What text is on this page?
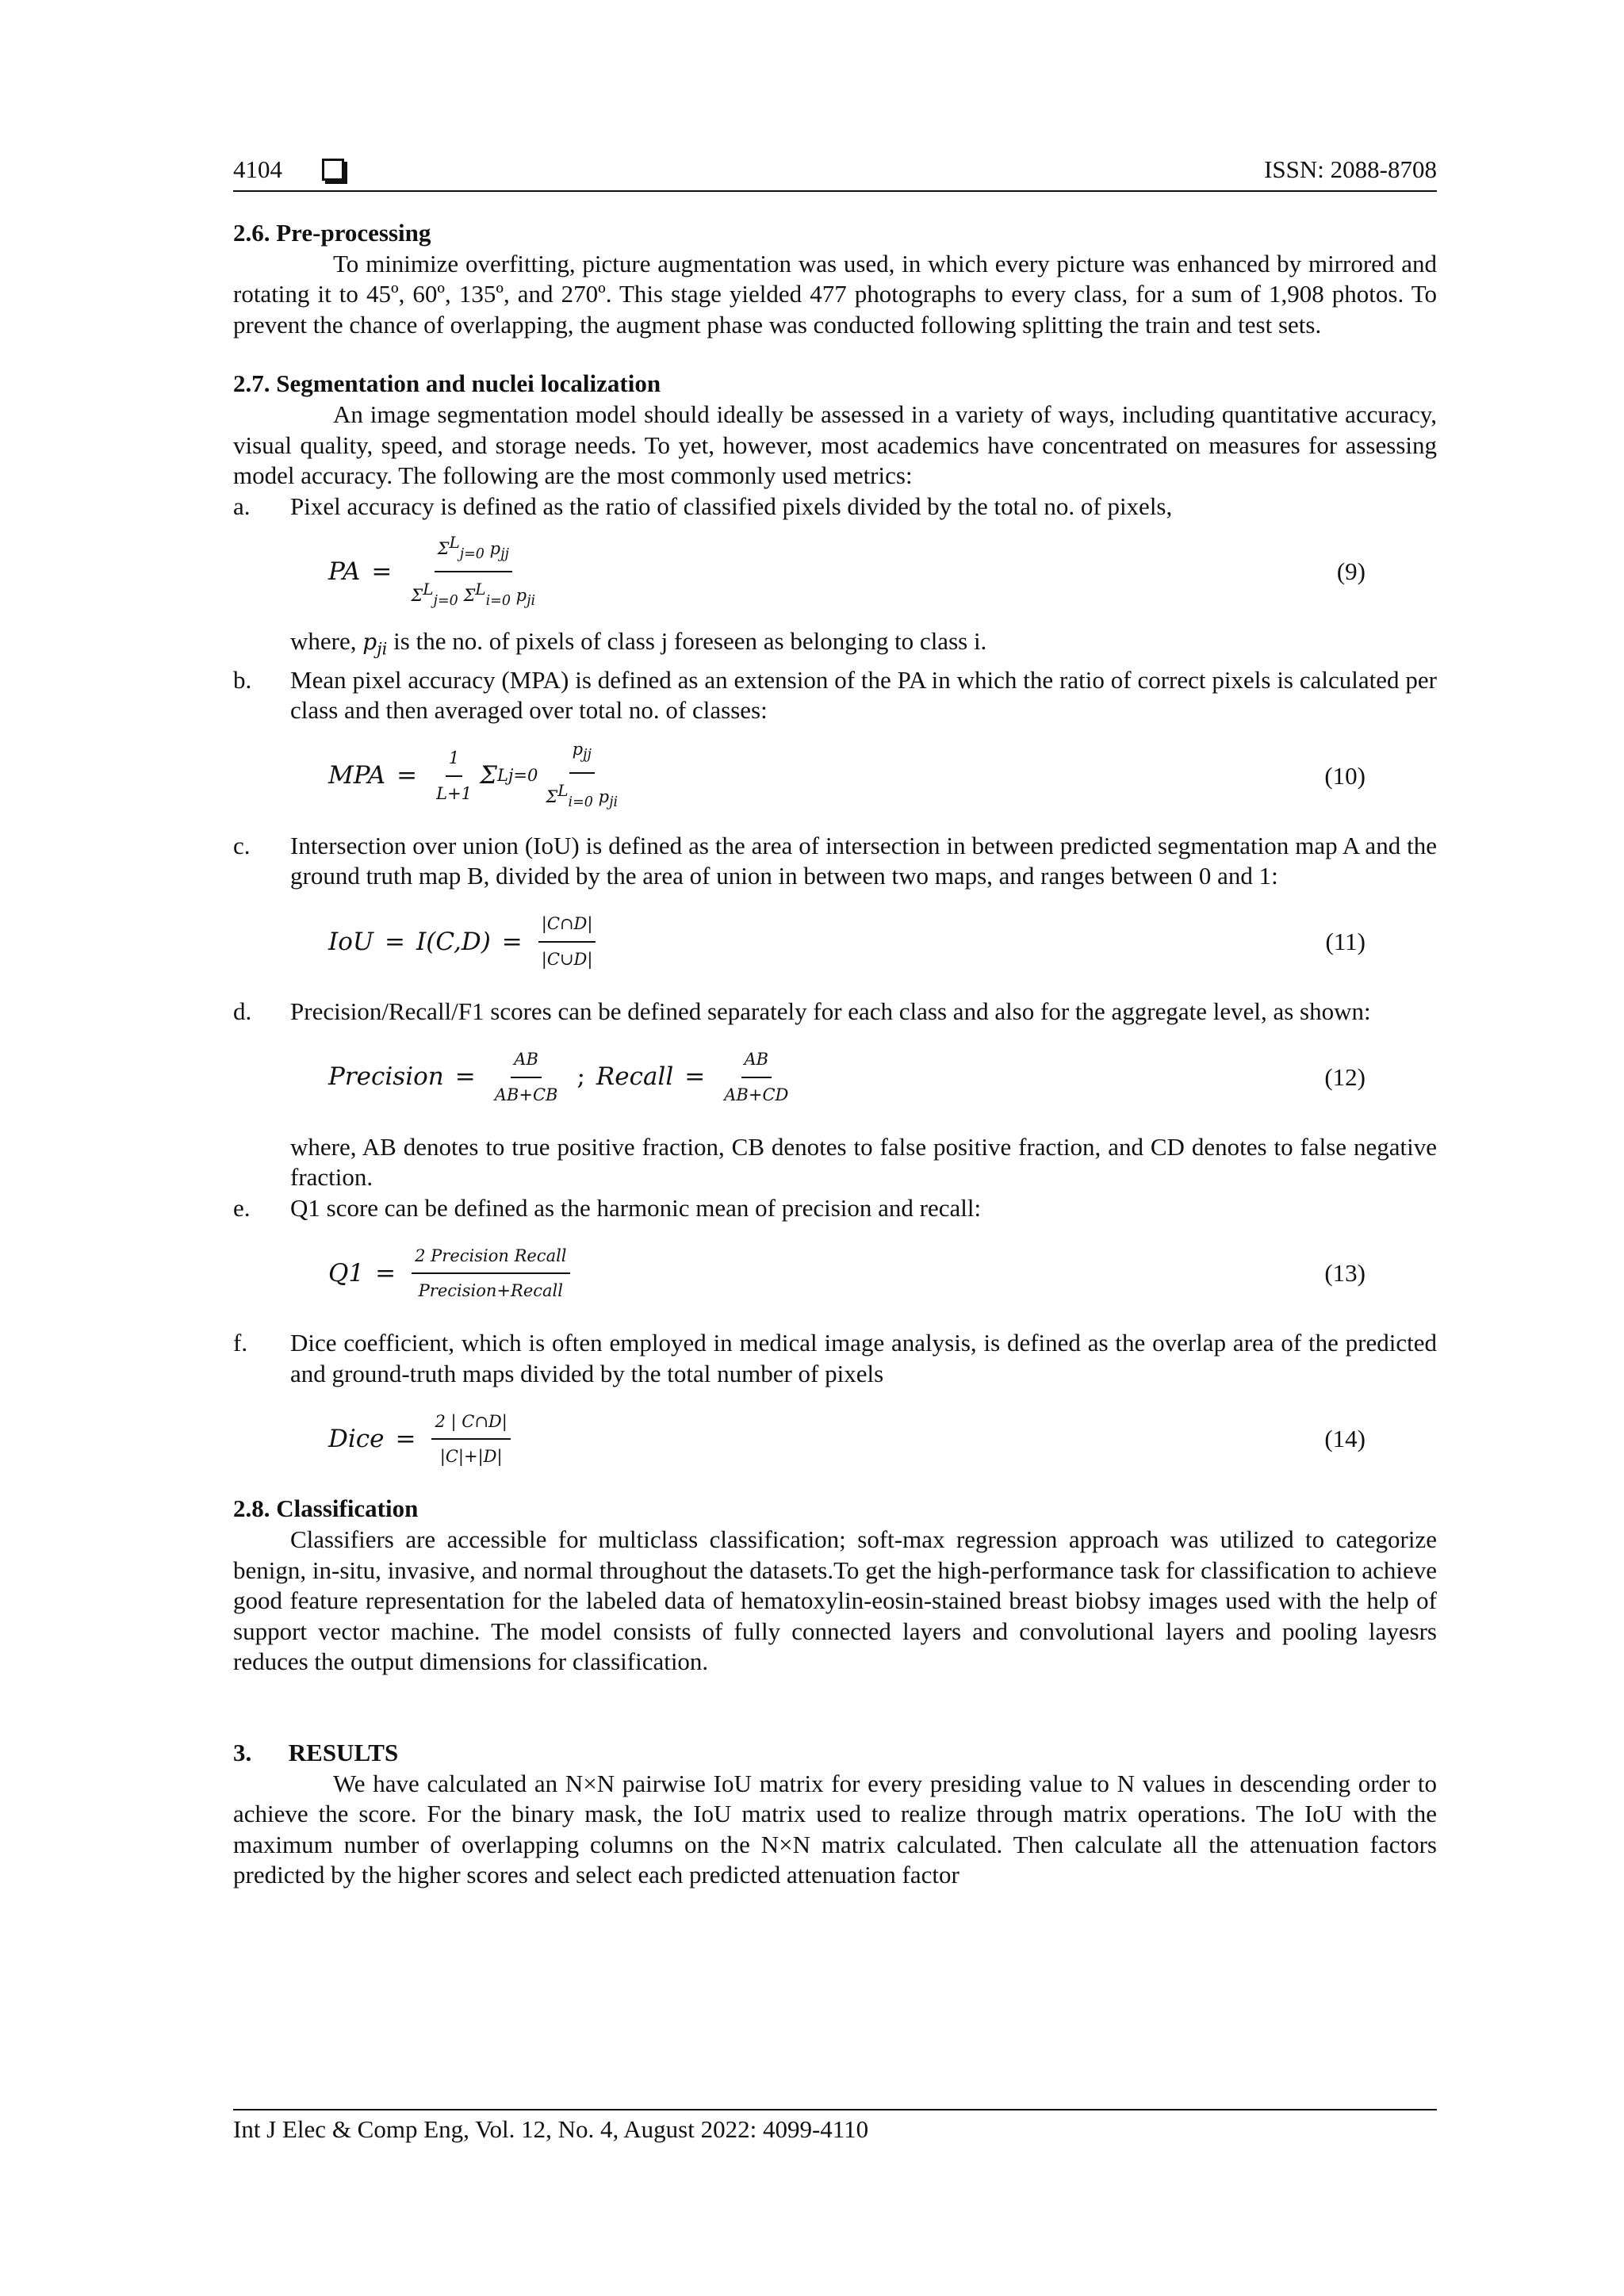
4104	ISSN: 2088-8708

2.6. Pre-processing

To minimize overfitting, picture augmentation was used, in which every picture was enhanced by mirrored and rotating it to 45º, 60º, 135º, and 270º. This stage yielded 477 photographs to every class, for a sum of 1,908 photos. To prevent the chance of overlapping, the augment phase was conducted following splitting the train and test sets.

2.7. Segmentation and nuclei localization

An image segmentation model should ideally be assessed in a variety of ways, including quantitative accuracy, visual quality, speed, and storage needs. To yet, however, most academics have concentrated on measures for assessing model accuracy. The following are the most commonly used metrics:

a. Pixel accuracy is defined as the ratio of classified pixels divided by the total no. of pixels,
PA = $\frac{\Sigma^L_{j=0} p_{jj}}{\Sigma^L_{j=0} \Sigma^L_{i=0} p_{ji}}$	(9)
where, $p_{ji}$ is the no. of pixels of class j foreseen as belonging to class i.
b. Mean pixel accuracy (MPA) is defined as an extension of the PA in which the ratio of correct pixels is calculated per class and then averaged over total no. of classes:
MPA = $\frac{1}{L+1}$ Σ L $j=0 \frac{p_{jj}}{\Sigma^L_{i=0} p_{ji}}$	(10)
c. Intersection over union (IoU) is defined as the area of intersection in between predicted segmentation map A and the ground truth map B, divided by the area of union in between two maps, and ranges between 0 and 1:
IoU = $I(C,D) = \frac{|C\cap D|}{|C\cup D|}$	(11)
d. Precision/Recall/F1 scores can be defined separately for each class and also for the aggregate level, as shown:
Precision = $\frac{AB}{AB+CB}$ ; Recall = $\frac{AB}{AB+CD}$	(12)
where, AB denotes to true positive fraction, CB denotes to false positive fraction, and CD denotes to false negative fraction.
e. Q1 score can be defined as the harmonic mean of precision and recall:
$Q1 = \frac{\text{2 Precision Recall}}{\text{Precision+Recall}}$	(13)
f. Dice coefficient, which is often employed in medical image analysis, is defined as the overlap area of the predicted and ground-truth maps divided by the total number of pixels
Dice = $\frac{2 | C\cap D|}{|C|+|D|}$	(14)

2.8. Classification

Classifiers are accessible for multiclass classification; soft-max regression approach was utilized to categorize benign, in-situ, invasive, and normal throughout the datasets.To get the high-performance task for classification to achieve good feature representation for the labeled data of hematoxylin-eosin-stained breast biobsy images used with the help of support vector machine. The model consists of fully connected layers and convolutional layers and pooling layesrs reduces the output dimensions for classification.

3.      RESULTS

We have calculated an N×N pairwise IoU matrix for every presiding value to N values in descending order to achieve the score. For the binary mask, the IoU matrix used to realize through matrix operations. The IoU with the maximum number of overlapping columns on the N×N matrix calculated. Then calculate all the attenuation factors predicted by the higher scores and select each predicted attenuation factor

Int J Elec & Comp Eng, Vol. 12, No. 4, August 2022: 4099-4110
